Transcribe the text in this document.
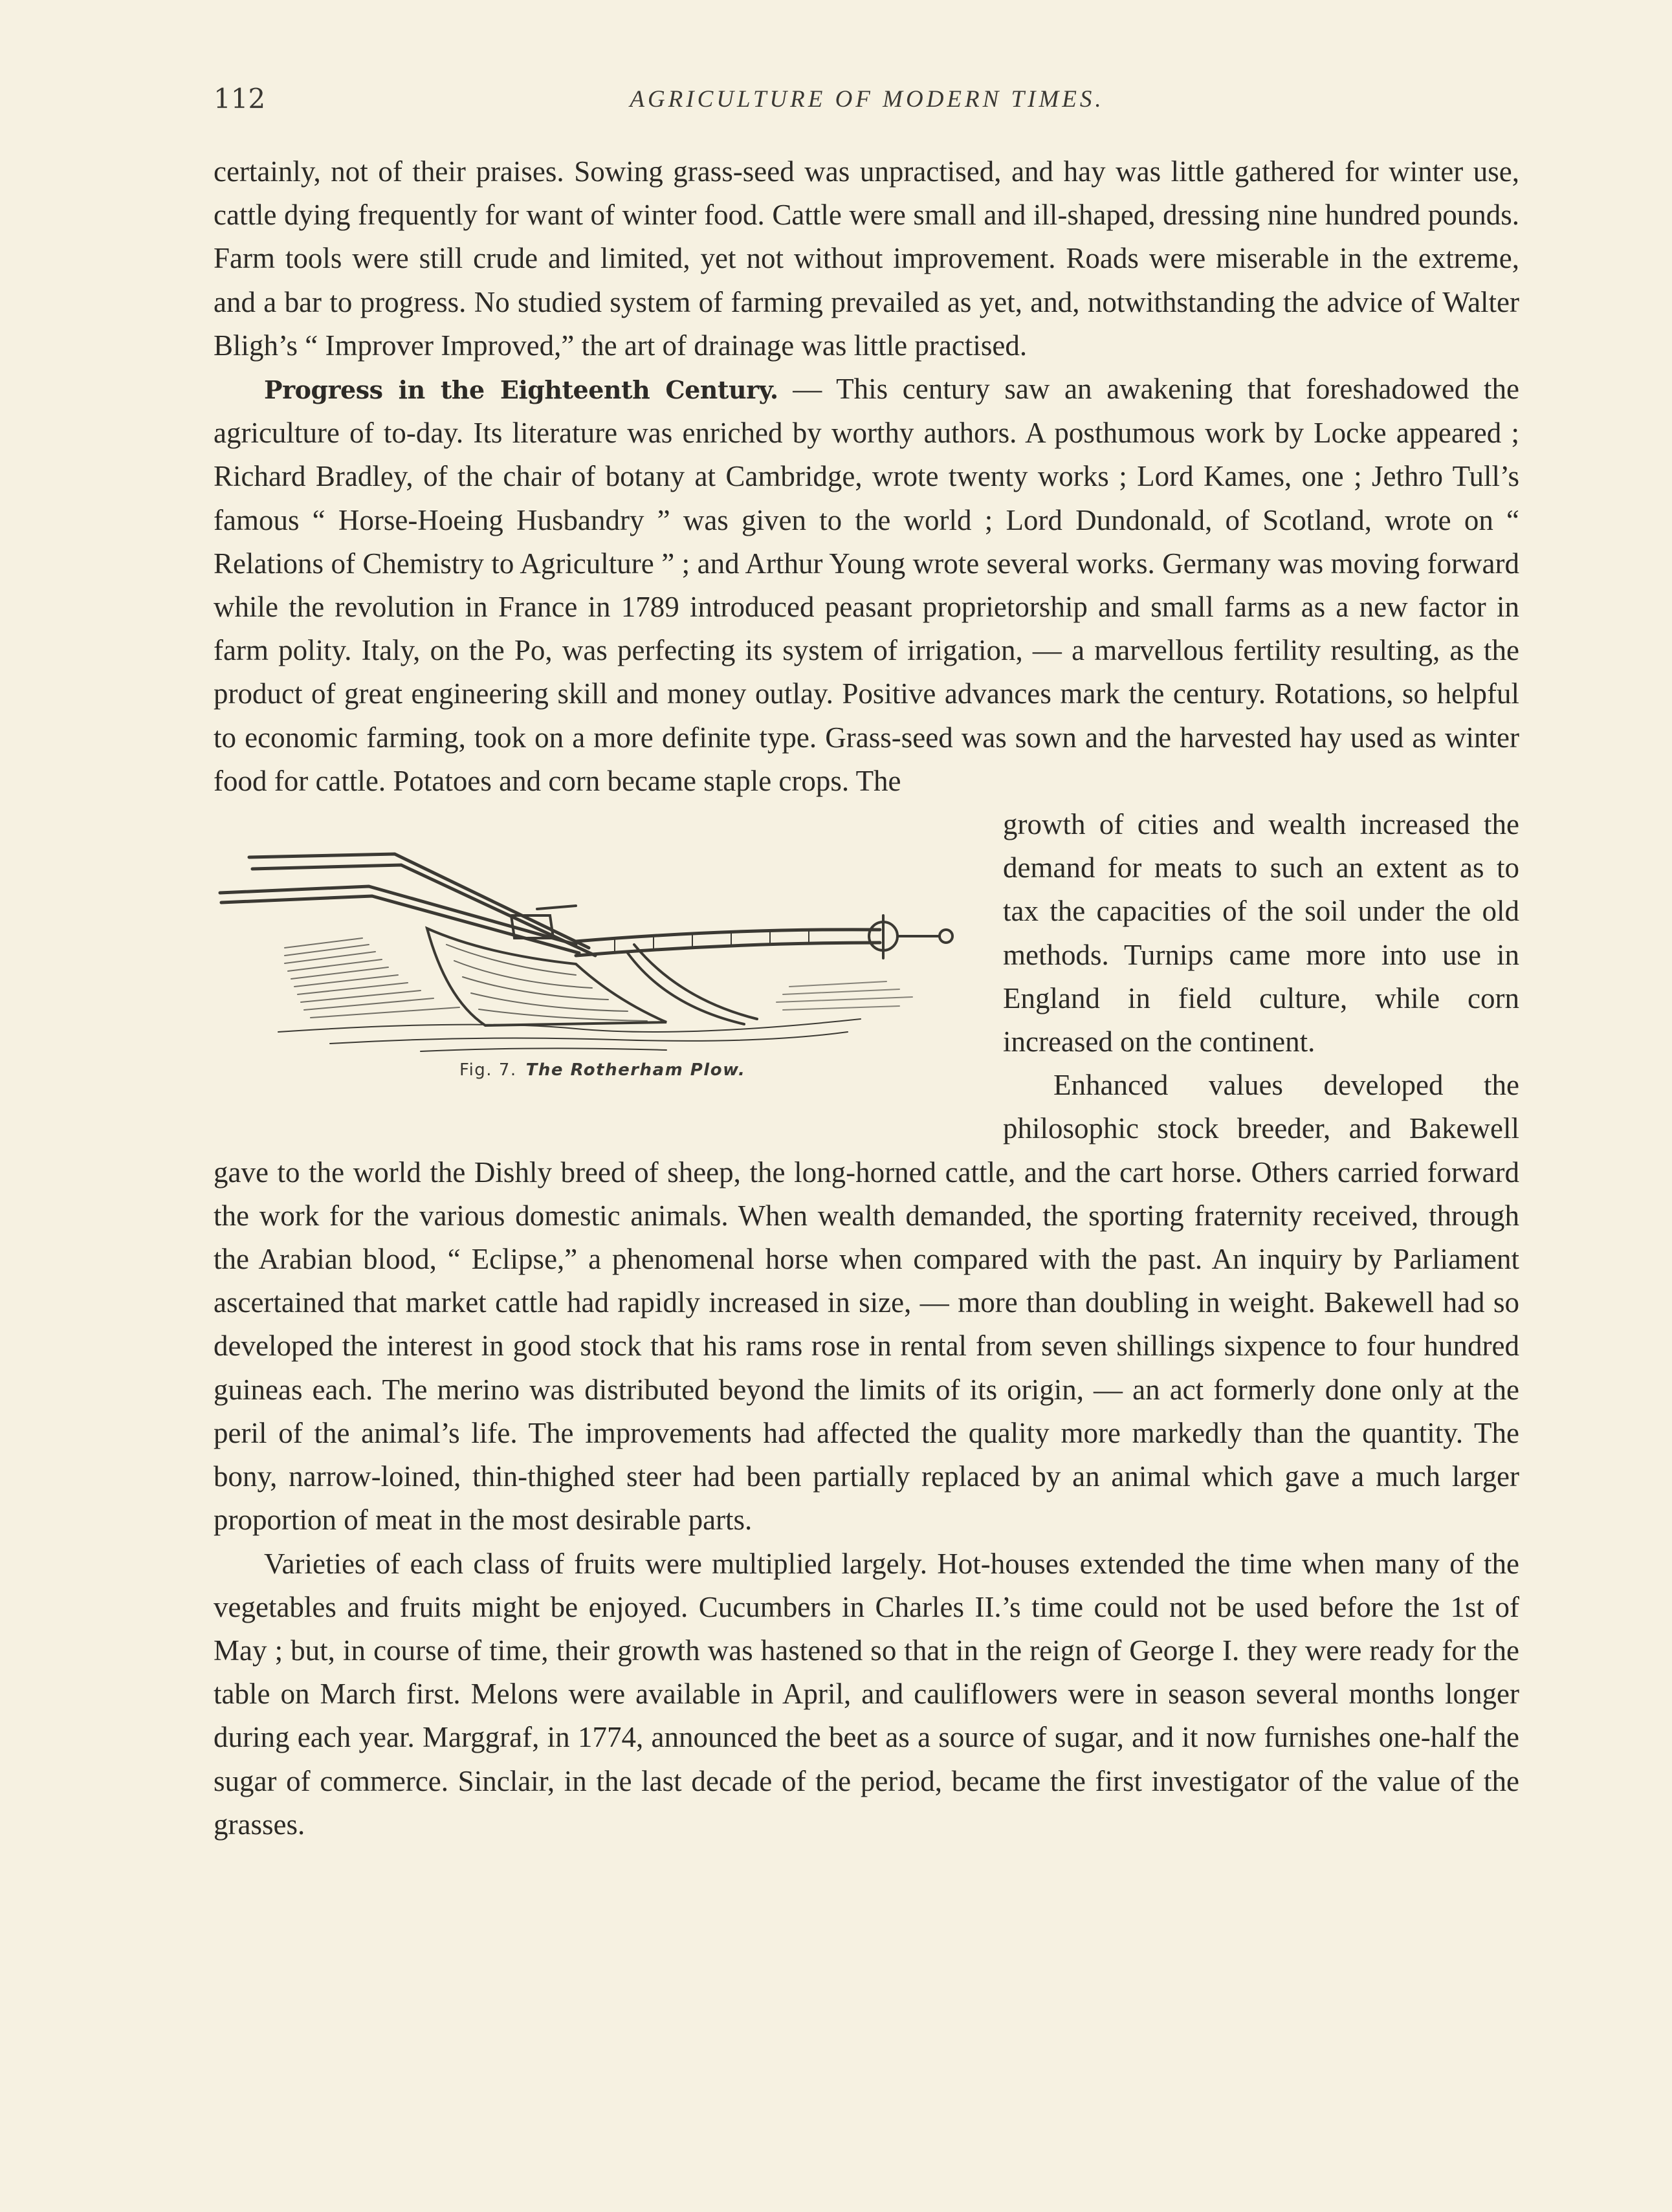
112	AGRICULTURE OF MODERN TIMES.

certainly, not of their praises. Sowing grass-seed was unpractised, and hay was little gathered for winter use, cattle dying frequently for want of winter food. Cattle were small and ill-shaped, dressing nine hundred pounds. Farm tools were still crude and limited, yet not without improvement. Roads were miserable in the extreme, and a bar to progress. No studied system of farming prevailed as yet, and, notwithstanding the advice of Walter Bligh’s “ Improver Improved,” the art of drainage was little practised.

Progress in the Eighteenth Century. — This century saw an awakening that foreshadowed the agriculture of to-day. Its literature was enriched by worthy authors. A posthumous work by Locke appeared ; Richard Bradley, of the chair of botany at Cambridge, wrote twenty works ; Lord Kames, one ; Jethro Tull’s famous “ Horse-Hoeing Husbandry ” was given to the world ; Lord Dundonald, of Scotland, wrote on “ Relations of Chemistry to Agriculture ” ; and Arthur Young wrote several works. Germany was moving forward while the revolution in France in 1789 introduced peasant proprietorship and small farms as a new factor in farm polity. Italy, on the Po, was perfecting its system of irrigation, — a marvellous fertility resulting, as the product of great engineering skill and money outlay. Positive advances mark the century. Rotations, so helpful to economic farming, took on a more definite type. Grass-seed was sown and the harvested hay used as winter food for cattle. Potatoes and corn became staple crops. The

Fig. 7. The Rotherham Plow.

growth of cities and wealth increased the demand for meats to such an extent as to tax the capacities of the soil under the old methods. Turnips came more into use in England in field culture, while corn increased on the continent.

Enhanced values developed the philosophic stock breeder, and Bakewell gave to the world the Dishly breed of sheep, the long-horned cattle, and the cart horse. Others carried forward the work for the various domestic animals. When wealth demanded, the sporting fraternity received, through the Arabian blood, “ Eclipse,” a phenomenal horse when compared with the past. An inquiry by Parliament ascertained that market cattle had rapidly increased in size, — more than doubling in weight. Bakewell had so developed the interest in good stock that his rams rose in rental from seven shillings sixpence to four hundred guineas each. The merino was distributed beyond the limits of its origin, — an act formerly done only at the peril of the animal’s life. The improvements had affected the quality more markedly than the quantity. The bony, narrow-loined, thin-thighed steer had been partially replaced by an animal which gave a much larger proportion of meat in the most desirable parts.

Varieties of each class of fruits were multiplied largely. Hot-houses extended the time when many of the vegetables and fruits might be enjoyed. Cucumbers in Charles II.’s time could not be used before the 1st of May ; but, in course of time, their growth was hastened so that in the reign of George I. they were ready for the table on March first. Melons were available in April, and cauliflowers were in season several months longer during each year. Marggraf, in 1774, announced the beet as a source of sugar, and it now furnishes one-half the sugar of commerce. Sinclair, in the last decade of the period, became the first investigator of the value of the grasses.
